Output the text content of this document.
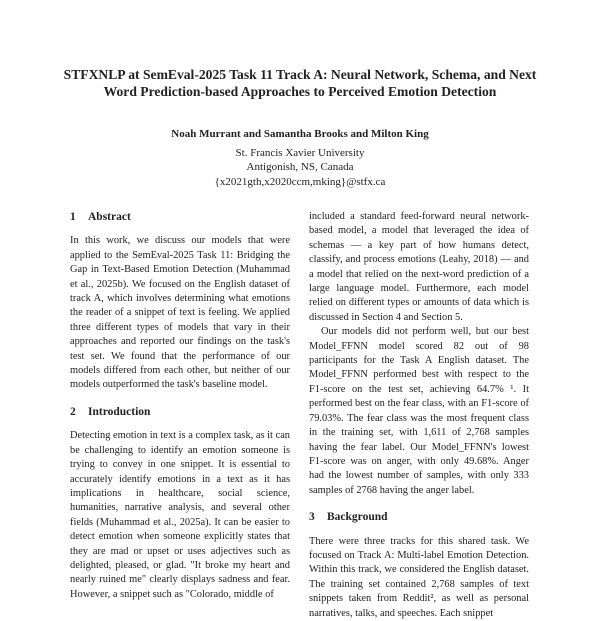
STFXNLP at SemEval-2025 Task 11 Track A: Neural Network, Schema, and Next Word Prediction-based Approaches to Perceived Emotion Detection
Noah Murrant and Samantha Brooks and Milton King
St. Francis Xavier University
Antigonish, NS, Canada
{x2021gth,x2020ccm,mking}@stfx.ca
1 Abstract

In this work, we discuss our models that were applied to the SemEval-2025 Task 11: Bridging the Gap in Text-Based Emotion Detection (Muhammad et al., 2025b). We focused on the English dataset of track A, which involves determining what emotions the reader of a snippet of text is feeling. We applied three different types of models that vary in their approaches and reported our findings on the task's test set. We found that the performance of our models differed from each other, but neither of our models outperformed the task's baseline model.

2 Introduction

Detecting emotion in text is a complex task, as it can be challenging to identify an emotion someone is trying to convey in one snippet. It is essential to accurately identify emotions in a text as it has implications in healthcare, social science, humanities, narrative analysis, and several other fields (Muhammad et al., 2025a). It can be easier to detect emotion when someone explicitly states that they are mad or upset or uses adjectives such as delighted, pleased, or glad. "It broke my heart and nearly ruined me" clearly displays sadness and fear. However, a snippet such as "Colorado, middle of

included a standard feed-forward neural network-based model, a model that leveraged the idea of schemas — a key part of how humans detect, classify, and process emotions (Leahy, 2018) — and a model that relied on the next-word prediction of a large language model. Furthermore, each model relied on different types or amounts of data which is discussed in Section 4 and Section 5.

Our models did not perform well, but our best Model_FFNN model scored 82 out of 98 participants for the Task A English dataset. The Model_FFNN performed best with respect to the F1-score on the test set, achieving 64.7% ¹. It performed best on the fear class, with an F1-score of 79.03%. The fear class was the most frequent class in the training set, with 1,611 of 2,768 samples having the fear label. Our Model_FFNN's lowest F1-score was on anger, with only 49.68%. Anger had the lowest number of samples, with only 333 samples of 2768 having the anger label.

3 Background

There were three tracks for this shared task. We focused on Track A: Multi-label Emotion Detection. Within this track, we considered the English dataset. The training set contained 2,768 samples of text snippets taken from Reddit², as well as personal narratives, talks, and speeches. Each snippet
